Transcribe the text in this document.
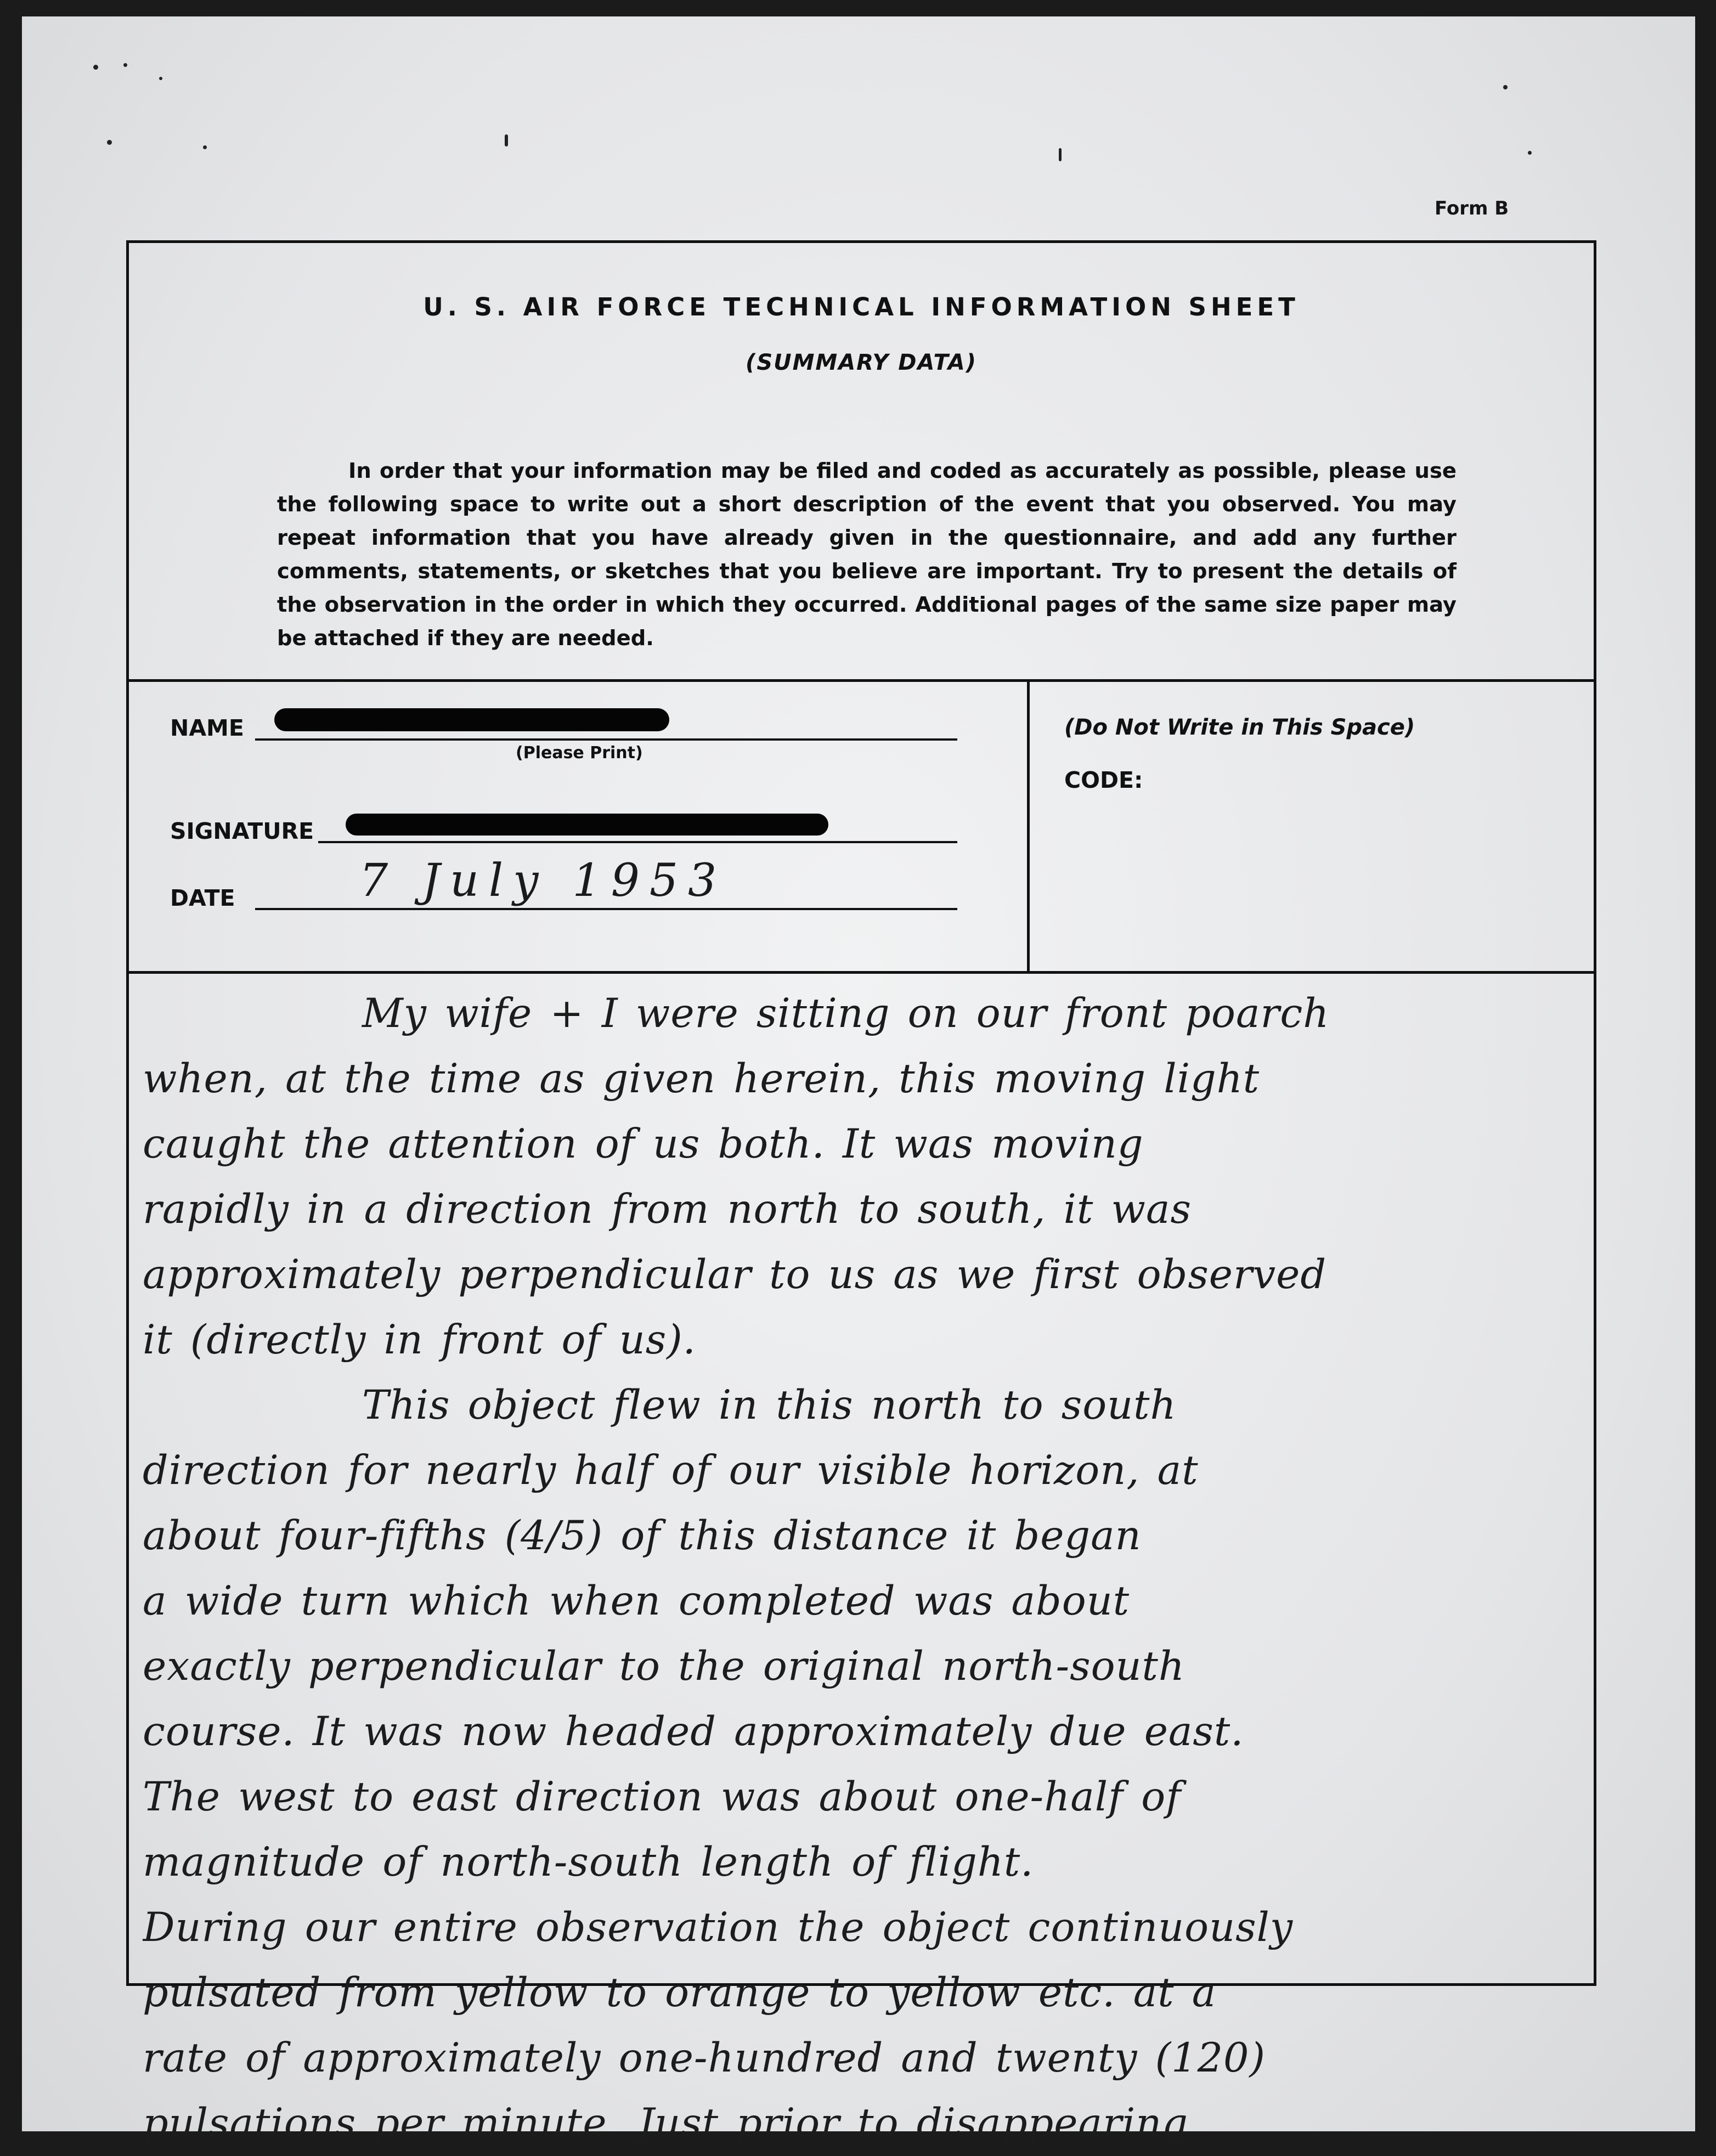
Form B
U. S. AIR FORCE TECHNICAL INFORMATION SHEET
(SUMMARY DATA)
In order that your information may be filed and coded as accurately as possible, please use the following space to write out a short description of the event that you observed. You may repeat information that you have already given in the questionnaire, and add any further comments, statements, or sketches that you believe are important. Try to present the details of the observation in the order in which they occurred. Additional pages of the same size paper may be attached if they are needed.
NAME
(Please Print)
SIGNATURE
DATE	7 July 1953
(Do Not Write in This Space)
CODE:
My wife + I were sitting on our front poarch
when, at the time as given herein, this moving light
caught the attention of us both. It was moving
rapidly in a direction from north to south, it was
approximately perpendicular to us as we first observed
it (directly in front of us).
This object flew in this north to south
direction for nearly half of our visible horizon, at
about four-fifths (4/5) of this distance it began
a wide turn which when completed was about
exactly perpendicular to the original north-south
course. It was now headed approximately due east.
The west to east direction was about one-half of
magnitude of north-south length of flight.
During our entire observation the object continuously
pulsated from yellow to orange to yellow etc. at a
rate of approximately one-hundred and twenty (120)
pulsations per minute. Just prior to disappearing
